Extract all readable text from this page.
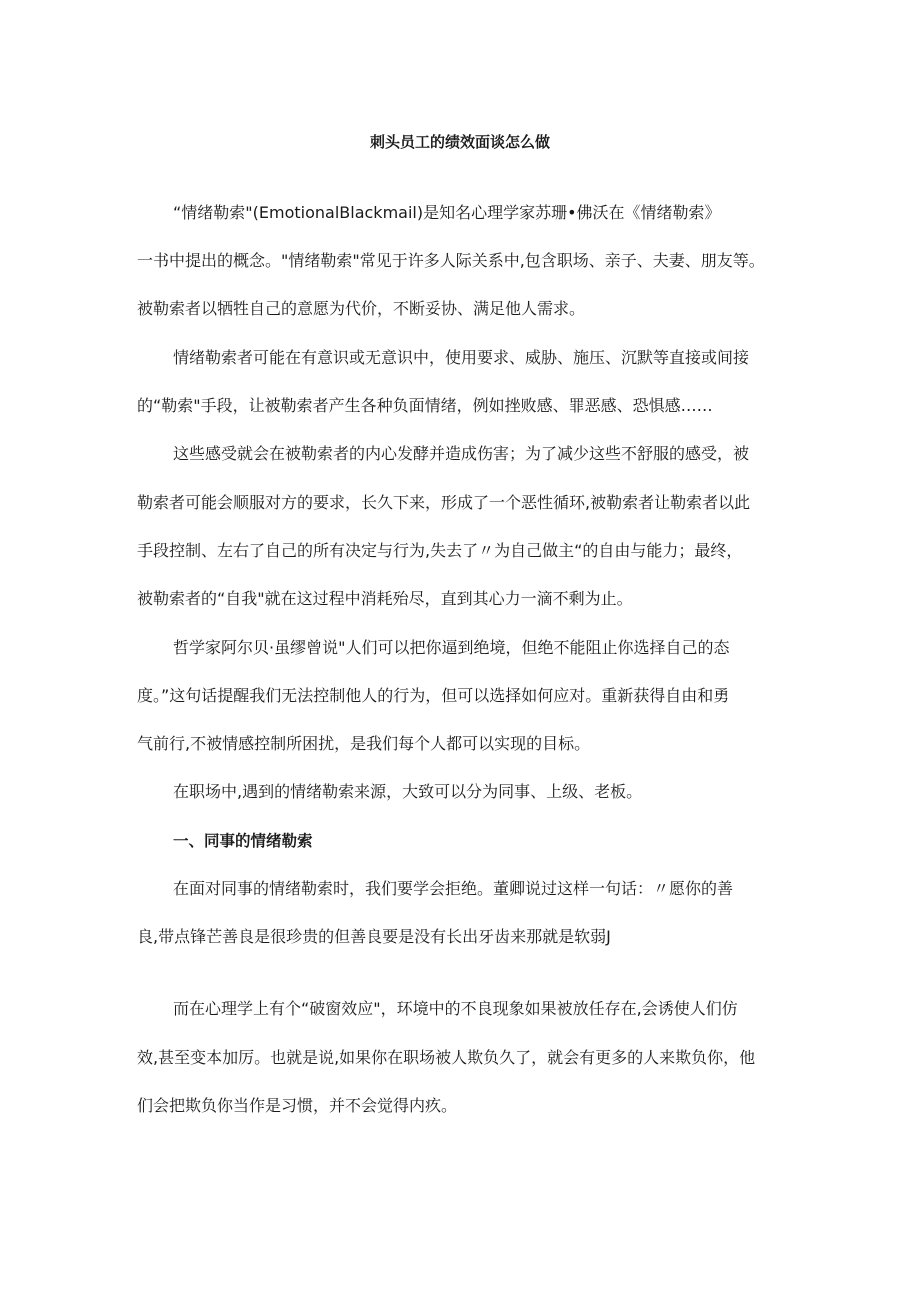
刺头员工的绩效面谈怎么做

“情绪勒索"(EmotionalBlackmail)是知名心理学家苏珊•佛沃在《情绪勒索》

一书中提出的概念。"情绪勒索"常见于许多人际关系中,包含职场、亲子、夫妻、朋友等。

被勒索者以牺牲自己的意愿为代价，不断妥协、满足他人需求。

情绪勒索者可能在有意识或无意识中，使用要求、威胁、施压、沉默等直接或间接

的“勒索"手段，让被勒索者产生各种负面情绪，例如挫败感、罪恶感、恐惧感……

这些感受就会在被勒索者的内心发酵并造成伤害；为了减少这些不舒服的感受，被

勒索者可能会顺服对方的要求，长久下来，形成了一个恶性循环,被勒索者让勒索者以此

手段控制、左右了自己的所有决定与行为,失去了〃为自己做主“的自由与能力；最终，

被勒索者的“自我"就在这过程中消耗殆尽，直到其心力一滴不剩为止。

哲学家阿尔贝·虽缪曾说"人们可以把你逼到绝境，但绝不能阻止你选择自己的态

度。”这句话提醒我们无法控制他人的行为，但可以选择如何应对。重新获得自由和勇

气前行,不被情感控制所困扰，是我们每个人都可以实现的目标。

在职场中,遇到的情绪勒索来源，大致可以分为同事、上级、老板。

一、同事的情绪勒索

在面对同事的情绪勒索时，我们要学会拒绝。董卿说过这样一句话：〃愿你的善

良,带点锋芒善良是很珍贵的但善良要是没有长出牙齿来那就是软弱J

而在心理学上有个“破窗效应"，环境中的不良现象如果被放任存在,会诱使人们仿

效,甚至变本加厉。也就是说,如果你在职场被人欺负久了，就会有更多的人来欺负你，他

们会把欺负你当作是习惯，并不会觉得内疚。
